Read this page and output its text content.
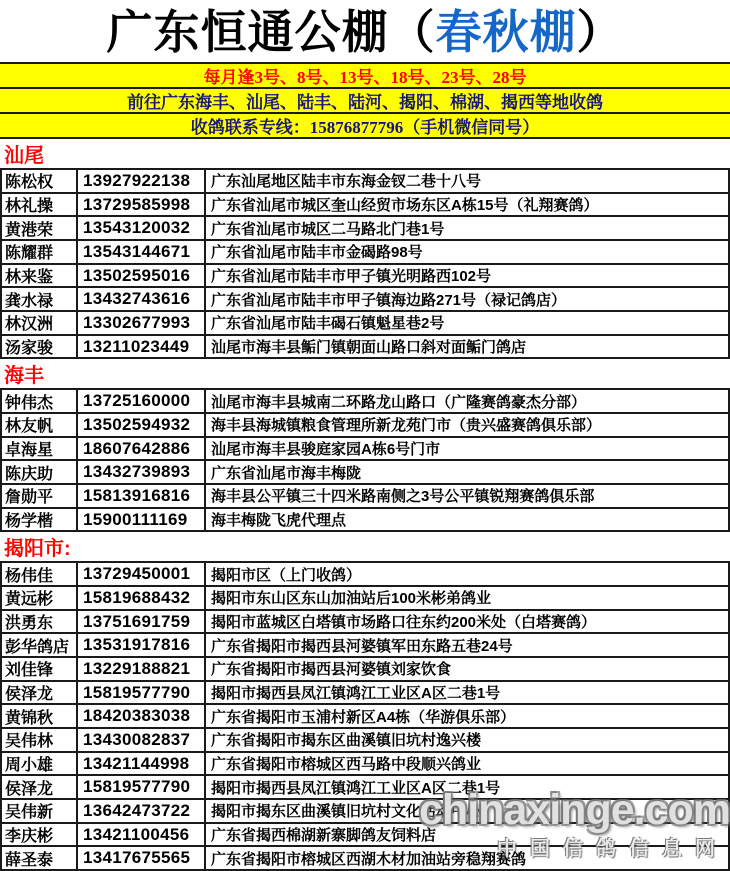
广东恒通公棚（ 春秋棚 ）
每月逢3号、8号、13号、18号、23号、28号
前往广东海丰、汕尾、陆丰、陆河、揭阳、棉湖、揭西等地收鸽
收鸽联系专线：15876877796（手机微信同号）
汕尾
陈松权	13927922138	广东汕尾地区陆丰市东海金钗二巷十八号
林礼操	13729585998	广东省汕尾市城区奎山经贸市场东区A栋15号（礼翔赛鸽）
黄港荣	13543120032	广东省汕尾市城区二马路北门巷1号
陈耀群	13543144671	广东省汕尾市陆丰市金碣路98号
林来鉴	13502595016	广东省汕尾市陆丰市甲子镇光明路西102号
龚水禄	13432743616	广东省汕尾市陆丰市甲子镇海边路271号（禄记鸽店）
林汉洲	13302677993	广东省汕尾市陆丰碣石镇魁星巷2号
汤家骏	13211023449	汕尾市海丰县鲘门镇朝面山路口斜对面鲘门鸽店
海丰
钟伟杰	13725160000	汕尾市海丰县城南二环路龙山路口（广隆赛鸽豪杰分部）
林友帆	13502594932	海丰县海城镇粮食管理所新龙苑门市（贵兴盛赛鸽俱乐部）
卓海星	18607642886	汕尾市海丰县骏庭家园A栋6号门市
陈庆助	13432739893	广东省汕尾市海丰梅陇
詹勋平	15813916816	海丰县公平镇三十四米路南侧之3号公平镇锐翔赛鸽俱乐部
杨学楷	15900111169	海丰梅陇飞虎代理点
揭阳市:
杨伟佳	13729450001	揭阳市区（上门收鸽）
黄远彬	15819688432	揭阳市东山区东山加油站后100米彬弟鸽业
洪勇东	13751691759	揭阳市蓝城区白塔镇市场路口往东约200米处（白塔赛鸽）
彭华鸽店 13531917816	广东省揭阳市揭西县河婆镇军田东路五巷24号
刘佳锋	13229188821	广东省揭阳市揭西县河婆镇刘家饮食
侯泽龙	15819577790	揭阳市揭西县凤江镇鸿江工业区A区二巷1号
黄锦秋	18420383038	广东省揭阳市玉浦村新区A4栋（华游俱乐部）
吴伟林	13430082837	广东省揭阳市揭东区曲溪镇旧坑村逸兴楼
周小雄	13421144998	广东省揭阳市榕城区西马路中段顺兴鸽业
侯泽龙	15819577790	揭阳市揭西县凤江镇鸿江工业区A区二巷1号
吴伟新	13642473722	揭阳市揭东区曲溪镇旧坑村文化活动中心
李庆彬	13421100456	广东省揭西棉湖新寨脚鸽友饲料店
薛圣泰	13417675565	广东省揭阳市榕城区西湖木材加油站旁稳翔赛鸽
chinaxinge.com
中国信鸽信息网
